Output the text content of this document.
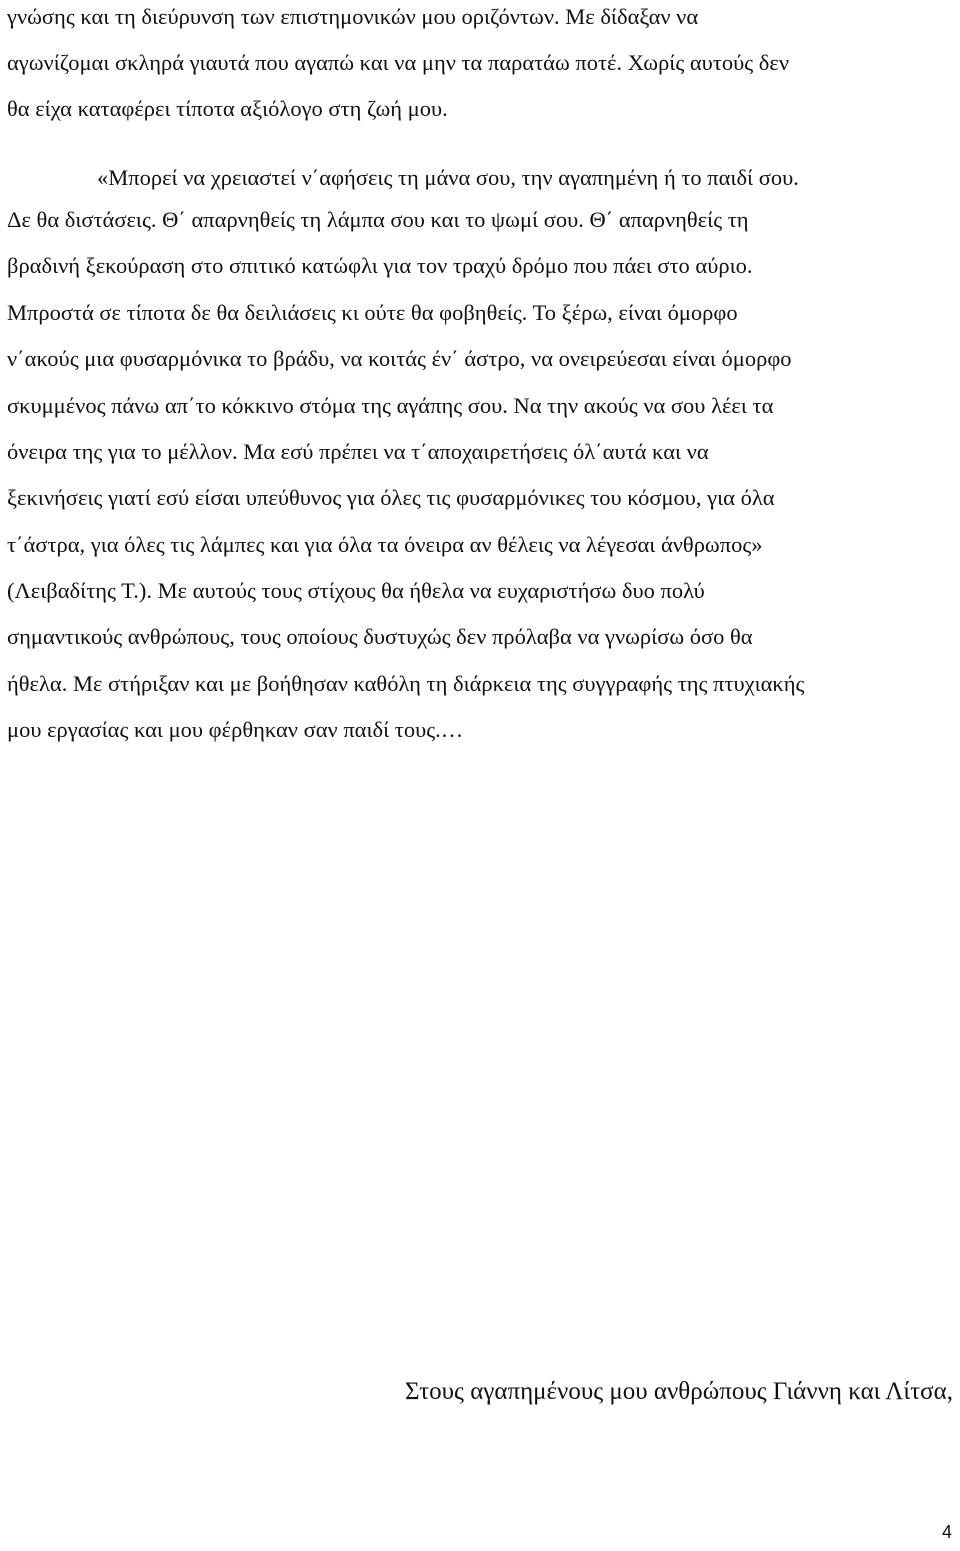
γνώσης και τη διεύρυνση των επιστημονικών μου οριζόντων. Με δίδαξαν να
αγωνίζομαι σκληρά γιαυτά που αγαπώ και να μην τα παρατάω ποτέ. Χωρίς αυτούς δεν
θα είχα καταφέρει τίποτα αξιόλογο στη ζωή μου.
«Μπορεί να χρειαστεί ν΄αφήσεις τη μάνα σου, την αγαπημένη ή το παιδί σου.
Δε θα διστάσεις. Θ΄ απαρνηθείς τη λάμπα σου και το ψωμί σου. Θ΄ απαρνηθείς τη
βραδινή ξεκούραση στο σπιτικό κατώφλι για τον τραχύ δρόμο που πάει στο αύριο.
Μπροστά σε τίποτα δε θα δειλιάσεις κι ούτε θα φοβηθείς. Το ξέρω, είναι όμορφο
ν΄ακούς μια φυσαρμόνικα το βράδυ, να κοιτάς έν΄ άστρο, να ονειρεύεσαι είναι όμορφο
σκυμμένος πάνω απ΄το κόκκινο στόμα της αγάπης σου. Να την ακούς να σου λέει τα
όνειρα της για το μέλλον. Μα εσύ πρέπει να τ΄αποχαιρετήσεις όλ΄αυτά και να
ξεκινήσεις γιατί εσύ είσαι υπεύθυνος για όλες τις φυσαρμόνικες του κόσμου, για όλα
τ΄άστρα, για όλες τις λάμπες και για όλα τα όνειρα αν θέλεις να λέγεσαι άνθρωπος»
(Λειβαδίτης Τ.). Με αυτούς τους στίχους θα ήθελα να ευχαριστήσω δυο πολύ
σημαντικούς ανθρώπους, τους οποίους δυστυχώς δεν πρόλαβα να γνωρίσω όσο θα
ήθελα. Με στήριξαν και με βοήθησαν καθόλη τη διάρκεια της συγγραφής της πτυχιακής
μου εργασίας και μου φέρθηκαν σαν παιδί τους.…
Στους αγαπημένους μου ανθρώπους Γιάννη και Λίτσα,
4
